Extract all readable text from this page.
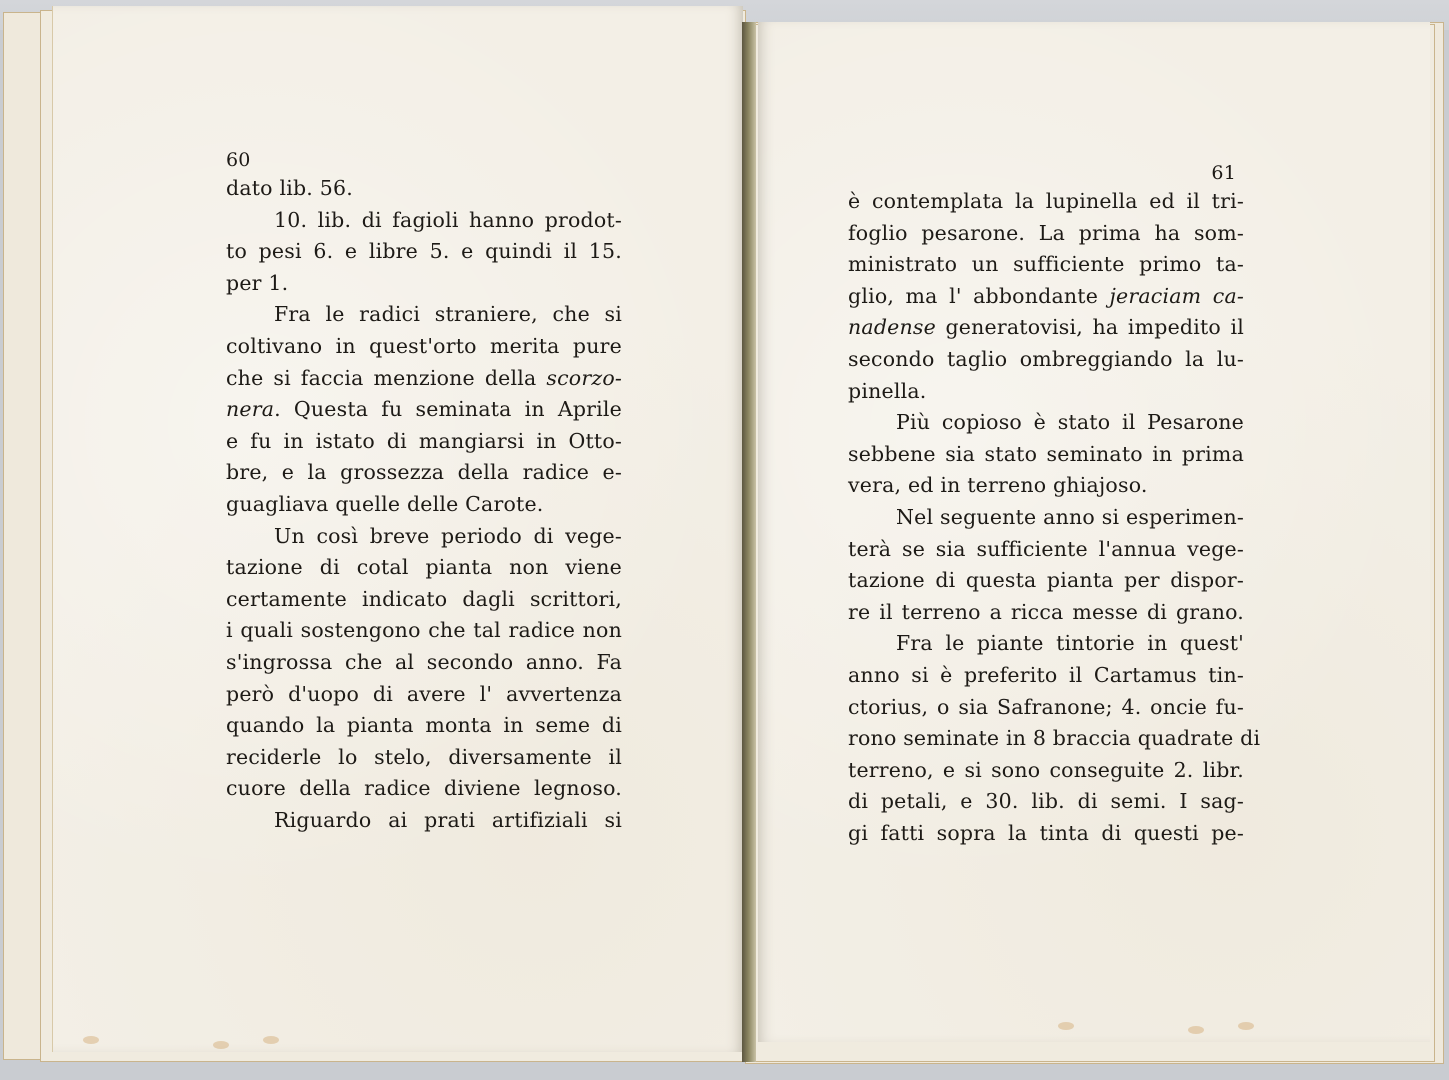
60
dato lib. 56.
10. lib. di fagioli hanno prodot-
to pesi 6. e libre 5. e quindi il 15.
per 1.
Fra le radici straniere, che si
coltivano in quest'orto merita pure
che si faccia menzione della scorzo-
nera. Questa fu seminata in Aprile
e fu in istato di mangiarsi in Otto-
bre, e la grossezza della radice e-
guagliava quelle delle Carote.
Un così breve periodo di vege-
tazione di cotal pianta non viene
certamente indicato dagli scrittori,
i quali sostengono che tal radice non
s'ingrossa che al secondo anno. Fa
però d'uopo di avere l' avvertenza
quando la pianta monta in seme di
reciderle lo stelo, diversamente il
cuore della radice diviene legnoso.
Riguardo ai prati artifiziali si
61
è contemplata la lupinella ed il tri-
foglio pesarone. La prima ha som-
ministrato un sufficiente primo ta-
glio, ma l' abbondante jeraciam ca-
nadense generatovisi, ha impedito il
secondo taglio ombreggiando la lu-
pinella.
Più copioso è stato il Pesarone
sebbene sia stato seminato in prima
vera, ed in terreno ghiajoso.
Nel seguente anno si esperimen-
terà se sia sufficiente l'annua vege-
tazione di questa pianta per dispor-
re il terreno a ricca messe di grano.
Fra le piante tintorie in quest'
anno si è preferito il Cartamus tin-
ctorius, o sia Safranone; 4. oncie fu-
rono seminate in 8 braccia quadrate di
terreno, e si sono conseguite 2. libr.
di petali, e 30. lib. di semi. I sag-
gi fatti sopra la tinta di questi pe-
